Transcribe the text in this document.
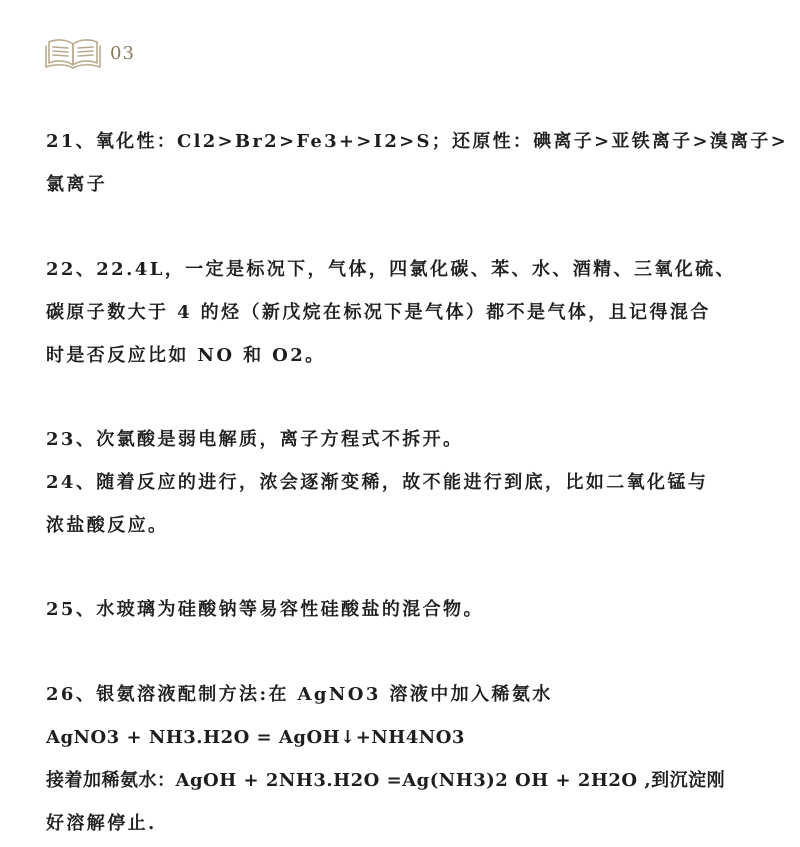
03
21、氧化性：Cl2>Br2>Fe3+>I2>S；还原性：碘离子>亚铁离子>溴离子>
氯离子
22、22.4L，一定是标况下，气体，四氯化碳、苯、水、酒精、三氧化硫、
碳原子数大于 4 的烃（新戊烷在标况下是气体）都不是气体，且记得混合
时是否反应比如 NO 和 O2。
23、次氯酸是弱电解质，离子方程式不拆开。
24、随着反应的进行，浓会逐渐变稀，故不能进行到底，比如二氧化锰与
浓盐酸反应。
25、水玻璃为硅酸钠等易容性硅酸盐的混合物。
26、银氨溶液配制方法:在 AgNO3 溶液中加入稀氨水
AgNO3 + NH3.H2O = AgOH↓+NH4NO3
接着加稀氨水：AgOH + 2NH3.H2O =Ag(NH3)2 OH + 2H2O ,到沉淀刚
好溶解停止.
